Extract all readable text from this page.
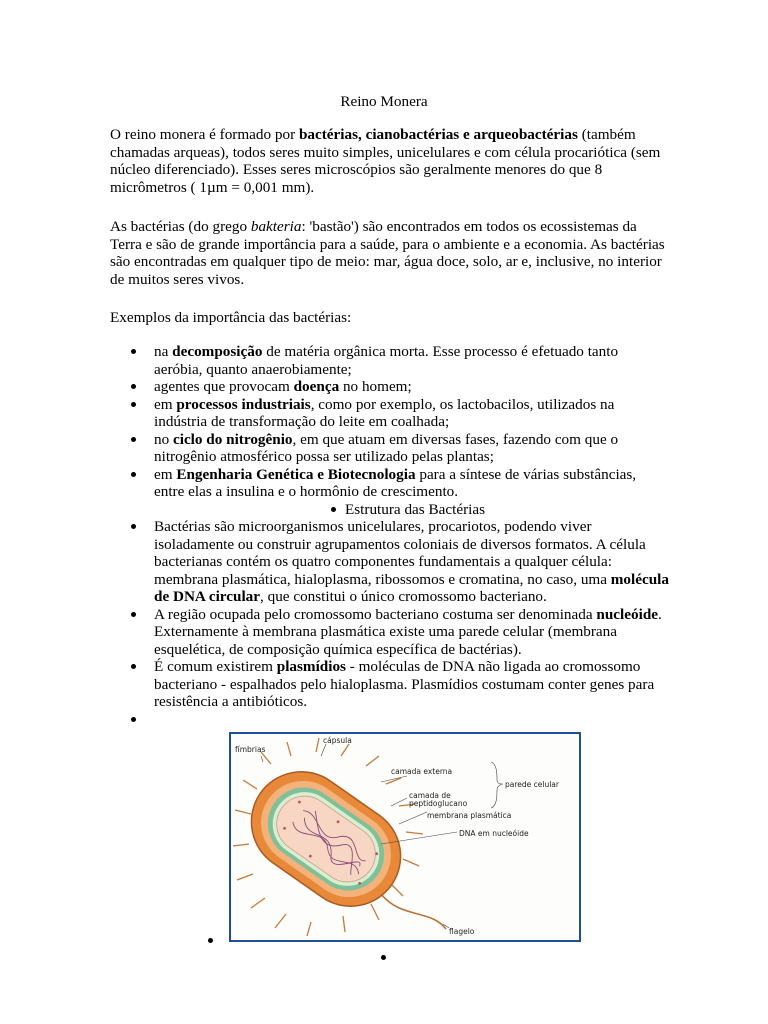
Reino Monera

O reino monera é formado por bactérias, cianobactérias e arqueobactérias (também chamadas arqueas), todos seres muito simples, unicelulares e com célula procariótica (sem núcleo diferenciado). Esses seres microscópios são geralmente menores do que 8 micrômetros ( 1µm = 0,001 mm).

As bactérias (do grego bakteria: 'bastão') são encontrados em todos os ecossistemas da Terra e são de grande importância para a saúde, para o ambiente e a economia. As bactérias são encontradas em qualquer tipo de meio: mar, água doce, solo, ar e, inclusive, no interior de muitos seres vivos.

Exemplos da importância das bactérias:

na decomposição de matéria orgânica morta. Esse processo é efetuado tanto aeróbia, quanto anaerobiamente;
agentes que provocam doença no homem;
em processos industriais, como por exemplo, os lactobacilos, utilizados na indústria de transformação do leite em coalhada;
no ciclo do nitrogênio, em que atuam em diversas fases, fazendo com que o nitrogênio atmosférico possa ser utilizado pelas plantas;
em Engenharia Genética e Biotecnologia para a síntese de várias substâncias, entre elas a insulina e o hormônio de crescimento.
Estrutura das Bactérias
Bactérias são microorganismos unicelulares, procariotos, podendo viver isoladamente ou construir agrupamentos coloniais de diversos formatos. A célula bacterianas contém os quatro componentes fundamentais a qualquer célula: membrana plasmática, hialoplasma, ribossomos e cromatina, no caso, uma molécula de DNA circular, que constitui o único cromossomo bacteriano.
A região ocupada pelo cromossomo bacteriano costuma ser denominada nucleóide. Externamente à membrana plasmática existe uma parede celular (membrana esquelética, de composição química específica de bactérias).
É comum existirem plasmídios - moléculas de DNA não ligada ao cromossomo bacteriano - espalhados pelo hialoplasma. Plasmídios costumam conter genes para resistência a antibióticos.
fímbrias
cápsula
camada externa
parede celular
camada de
peptidoglucano
membrana plasmática
DNA em nucleóide
flagelo
